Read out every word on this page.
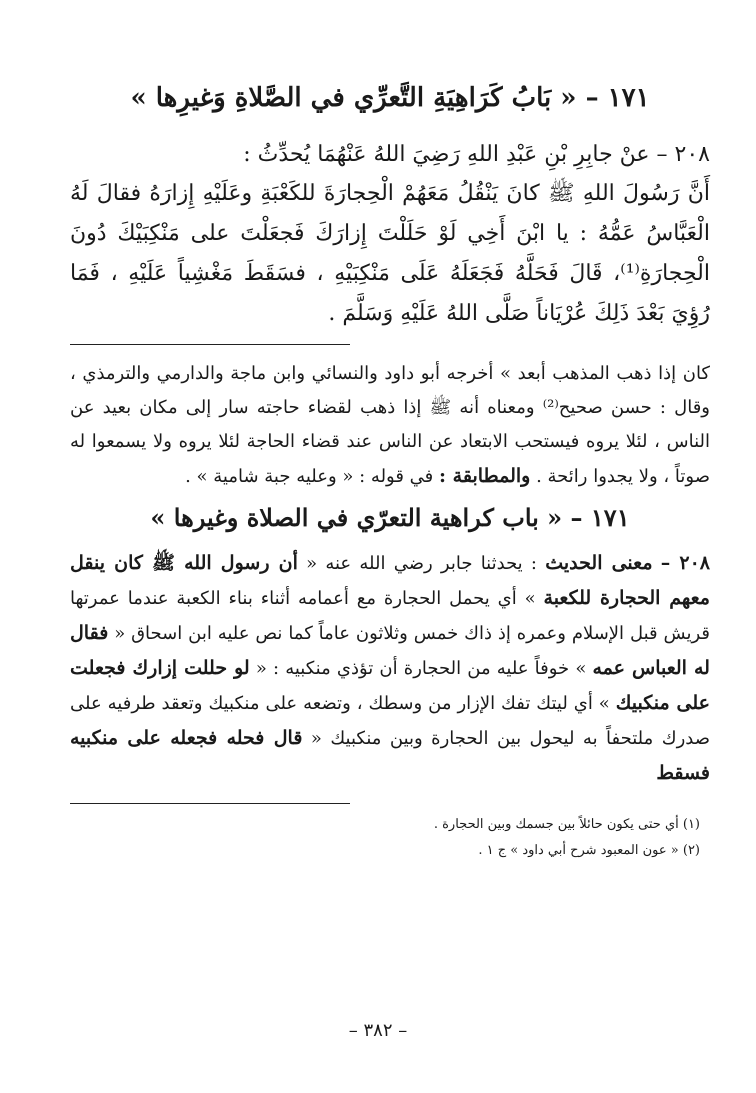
١٧١ – « بَابُ كَرَاهِيَةِ التَّعرِّي في الصَّلاةِ وَغيرِها »

٢٠٨ – عنْ جابِرِ بْنِ عَبْدِ اللهِ رَضِيَ اللهُ عَنْهُمَا يُحدِّثُ :

أَنَّ رَسُولَ اللهِ ﷺ كانَ يَنْقُلُ مَعَهُمْ الْحِجارَةَ للكَعْبَةِ وعَلَيْهِ إِزارَهُ فقالَ لَهُ الْعَبَّاسُ عَمُّهُ : يا ابْنَ أَخِي لَوْ حَلَلْتَ إِزارَكَ فَجعَلْتَ على مَنْكِبَيْكَ دُونَ الْحِجارَةِ⁽¹⁾، قَالَ فَحَلَّهُ فَجَعَلَهُ عَلَى مَنْكِبَيْهِ ، فسَقَطَ مَغْشِياً عَلَيْهِ ، فَمَا رُؤِيَ بَعْدَ ذَلِكَ عُرْيَاناً صَلَّى اللهُ عَلَيْهِ وَسَلَّمَ .

كان إذا ذهب المذهب أبعد » أخرجه أبو داود والنسائي وابن ماجة والدارمي والترمذي ، وقال : حسن صحيح⁽²⁾ ومعناه أنه ﷺ إذا ذهب لقضاء حاجته سار إلى مكان بعيد عن الناس ، لئلا يروه فيستحب الابتعاد عن الناس عند قضاء الحاجة لئلا يروه ولا يسمعوا له صوتاً ، ولا يجدوا رائحة . والمطابقة : في قوله : « وعليه جبة شامية » .

١٧١ – « باب كراهية التعرّي في الصلاة وغيرها »

٢٠٨ – معنى الحديث : يحدثنا جابر رضي الله عنه « أن رسول الله ﷺ كان ينقل معهم الحجارة للكعبة » أي يحمل الحجارة مع أعمامه أثناء بناء الكعبة عندما عمرتها قريش قبل الإسلام وعمره إذ ذاك خمس وثلاثون عاماً كما نص عليه ابن اسحاق « فقال له العباس عمه » خوفاً عليه من الحجارة أن تؤذي منكبيه : « لو حللت إزارك فجعلت على منكبيك » أي ليتك تفك الإزار من وسطك ، وتضعه على منكبيك وتعقد طرفيه على صدرك ملتحفاً به ليحول بين الحجارة وبين منكبيك « قال فحله فجعله على منكبيه فسقط

(١) أي حتى يكون حائلاً بين جسمك وبين الحجارة .

(٢) « عون المعبود شرح أبي داود » ج ١ .

– ٣٨٢ –
